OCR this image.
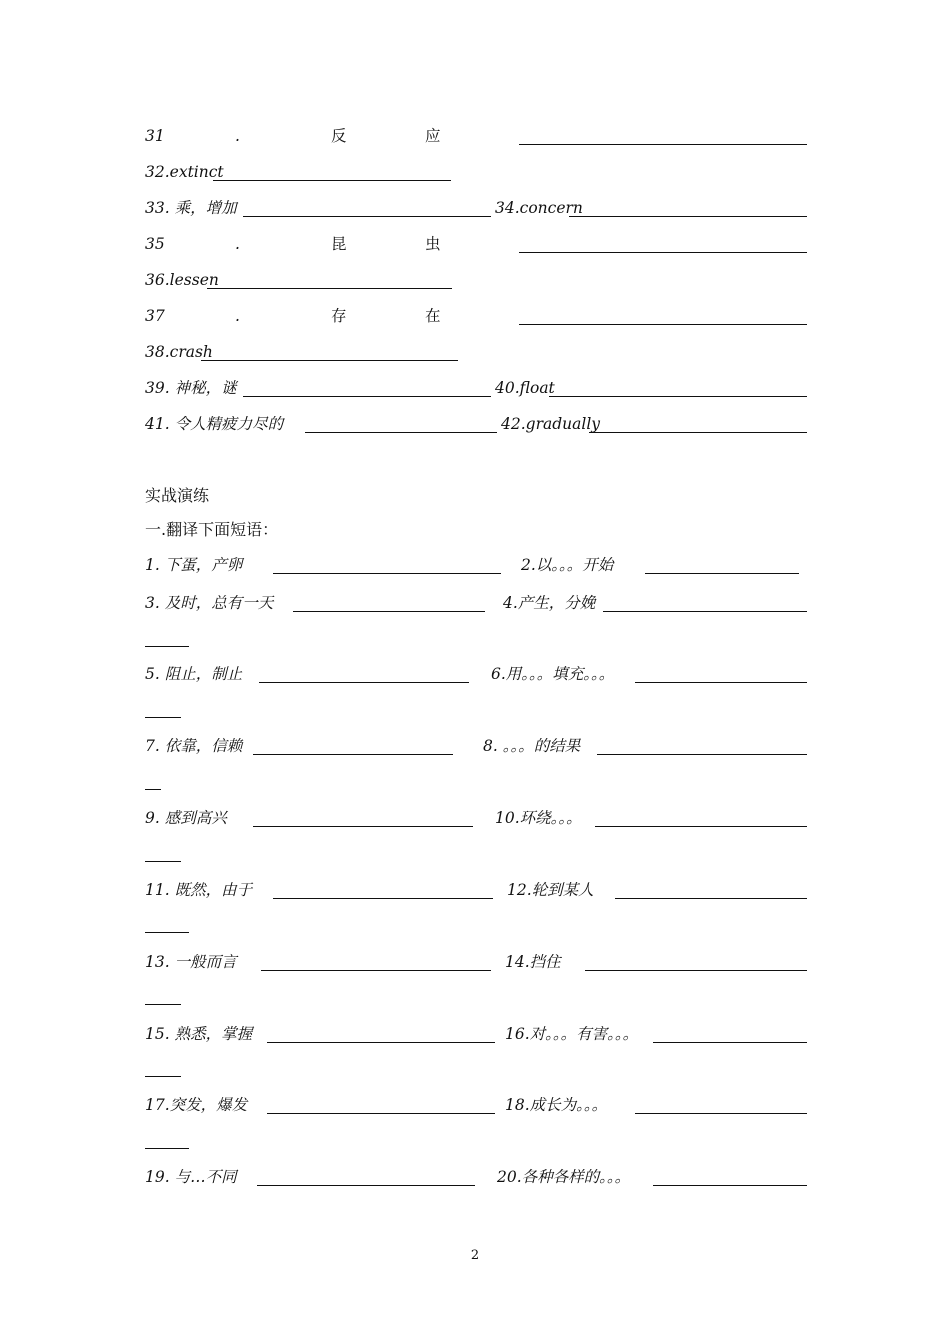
31	.	反	应
32.extinct
33. 乘，增加	34.concern
35	.	昆	虫
36.lessen
37	.	存	在
38.crash
39. 神秘，谜	40.float
41. 令人精疲力尽的	42.gradually
实战演练
一.翻译下面短语：
1. 下蛋，产卵	2.以。。。开始
3. 及时，总有一天	4.产生，分娩
5. 阻止，制止	6.用。。。填充。。。
7. 依靠，信赖	8. 。。。的结果
9. 感到高兴	10.环绕。。。
11. 既然，由于	12.轮到某人
13. 一般而言	14.挡住
15. 熟悉，掌握	16.对。。。有害。。。
17.突发，爆发	18.成长为。。。
19. 与…不同	20.各种各样的。。。
2
